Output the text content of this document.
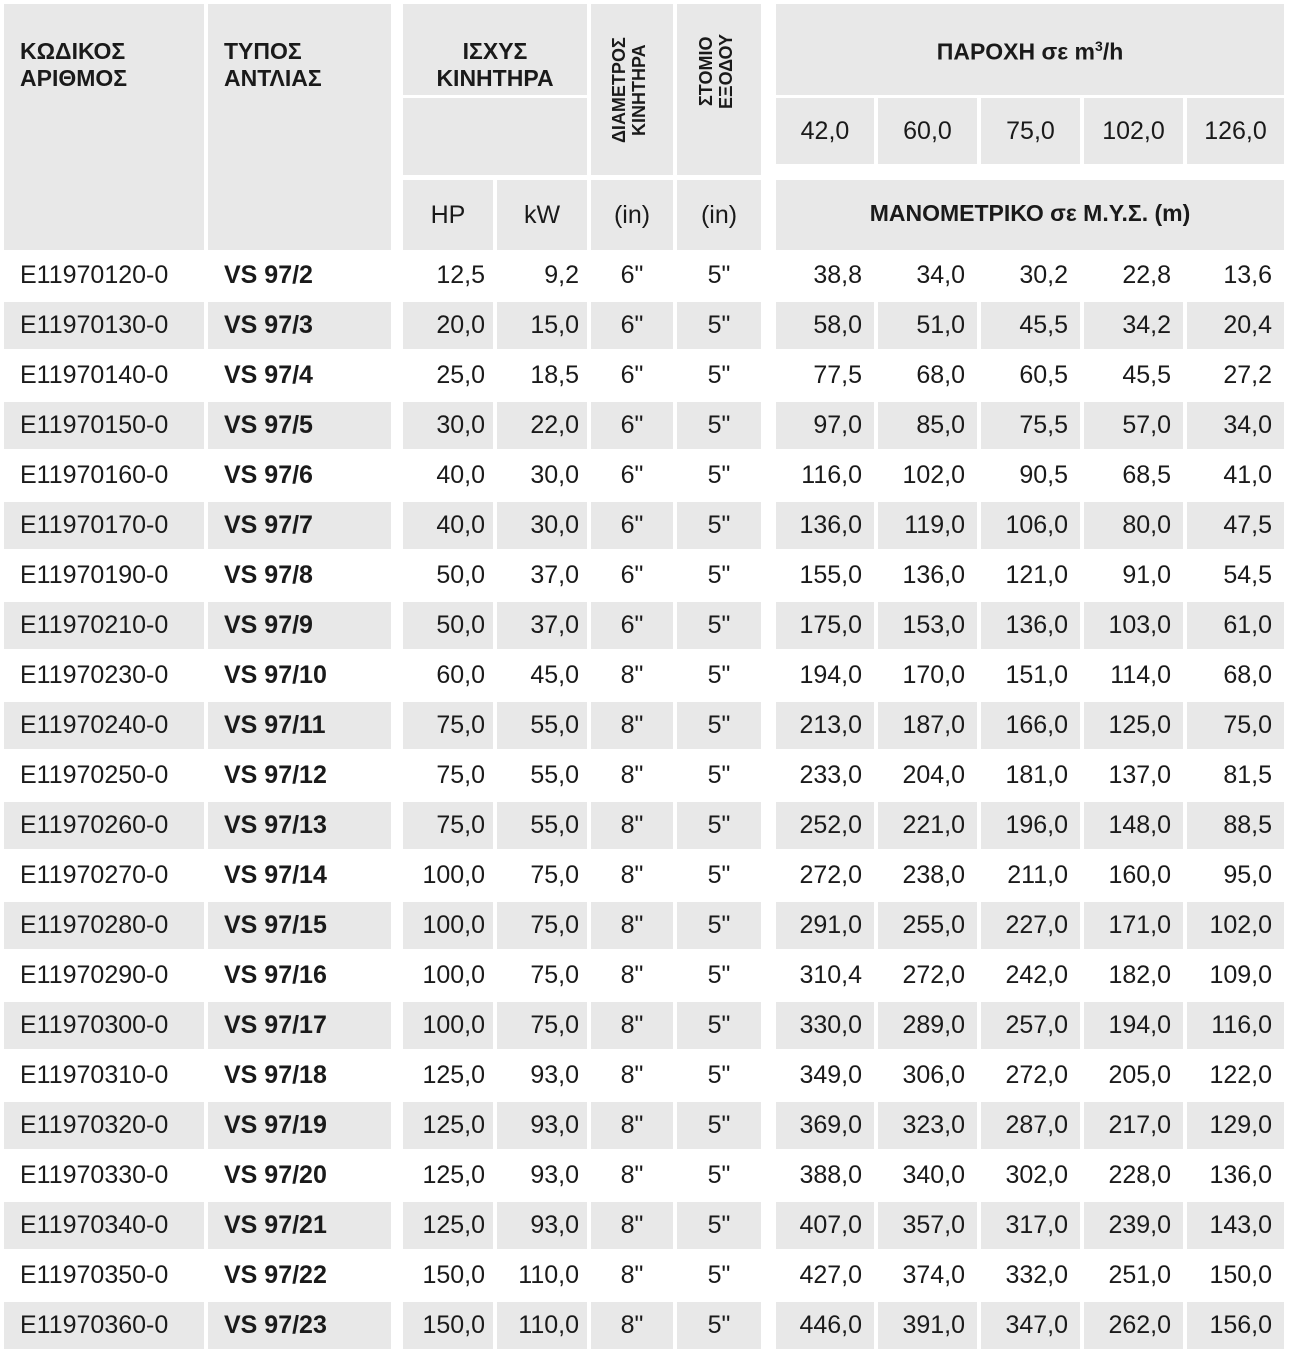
ΚΩΔΙΚΟΣ ΑΡΙΘΜΟΣ
ΤΥΠΟΣ ΑΝΤΛΙΑΣ
ΙΣΧΥΣ ΚΙΝΗΤΗΡΑ	ΔΙΑΜΕΤΡΟΣ ΚΙΝΗΤΗΡΑ	ΣΤΟΜΙΟ ΕΞΟΔΟΥ	ΠΑΡΟΧΗ σε $m^3/h$
42,0 60,0 75,0 102,0 126,0
HP kW (in) (in)	ΜΑΝΟΜΕΤΡΙΚΟ σε Μ.Υ.Σ. (m)
E11970120-0 VS 97/2	12,5 9,2 6"	5"	38,8 34,0 30,2 22,8 13,6
E11970130-0 VS 97/3	20,0 15,0 6"	5"	58,0 51,0 45,5 34,2 20,4
E11970140-0 VS 97/4	25,0 18,5 6"	5"	77,5 68,0 60,5 45,5 27,2
E11970150-0 VS 97/5	30,0 22,0 6"	5"	97,0 85,0 75,5 57,0 34,0
E11970160-0 VS 97/6	40,0 30,0 6"	5"	116,0 102,0 90,5 68,5 41,0
E11970170-0 VS 97/7	40,0 30,0 6"	5"	136,0 119,0 106,0 80,0 47,5
E11970190-0 VS 97/8	50,0 37,0 6"	5"	155,0 136,0 121,0 91,0 54,5
E11970210-0 VS 97/9	50,0 37,0 6"	5"	175,0 153,0 136,0 103,0 61,0
E11970230-0 VS 97/10	60,0 45,0 8"	5"	194,0 170,0 151,0 114,0 68,0
E11970240-0 VS 97/11	75,0 55,0 8"	5"	213,0 187,0 166,0 125,0 75,0
E11970250-0 VS 97/12	75,0 55,0 8"	5"	233,0 204,0 181,0 137,0 81,5
E11970260-0 VS 97/13	75,0 55,0 8"	5"	252,0 221,0 196,0 148,0 88,5
E11970270-0 VS 97/14	100,0 75,0 8"	5"	272,0 238,0 211,0 160,0 95,0
E11970280-0 VS 97/15	100,0 75,0 8"	5"	291,0 255,0 227,0 171,0 102,0
E11970290-0 VS 97/16	100,0 75,0 8"	5"	310,4 272,0 242,0 182,0 109,0
E11970300-0 VS 97/17	100,0 75,0 8"	5"	330,0 289,0 257,0 194,0 116,0
E11970310-0 VS 97/18	125,0 93,0 8"	5"	349,0 306,0 272,0 205,0 122,0
E11970320-0 VS 97/19	125,0 93,0 8"	5"	369,0 323,0 287,0 217,0 129,0
E11970330-0 VS 97/20	125,0 93,0 8"	5"	388,0 340,0 302,0 228,0 136,0
E11970340-0 VS 97/21	125,0 93,0 8"	5"	407,0 357,0 317,0 239,0 143,0
E11970350-0 VS 97/22	150,0 110,0 8"	5"	427,0 374,0 332,0 251,0 150,0
E11970360-0 VS 97/23	150,0 110,0 8"	5"	446,0 391,0 347,0 262,0 156,0
